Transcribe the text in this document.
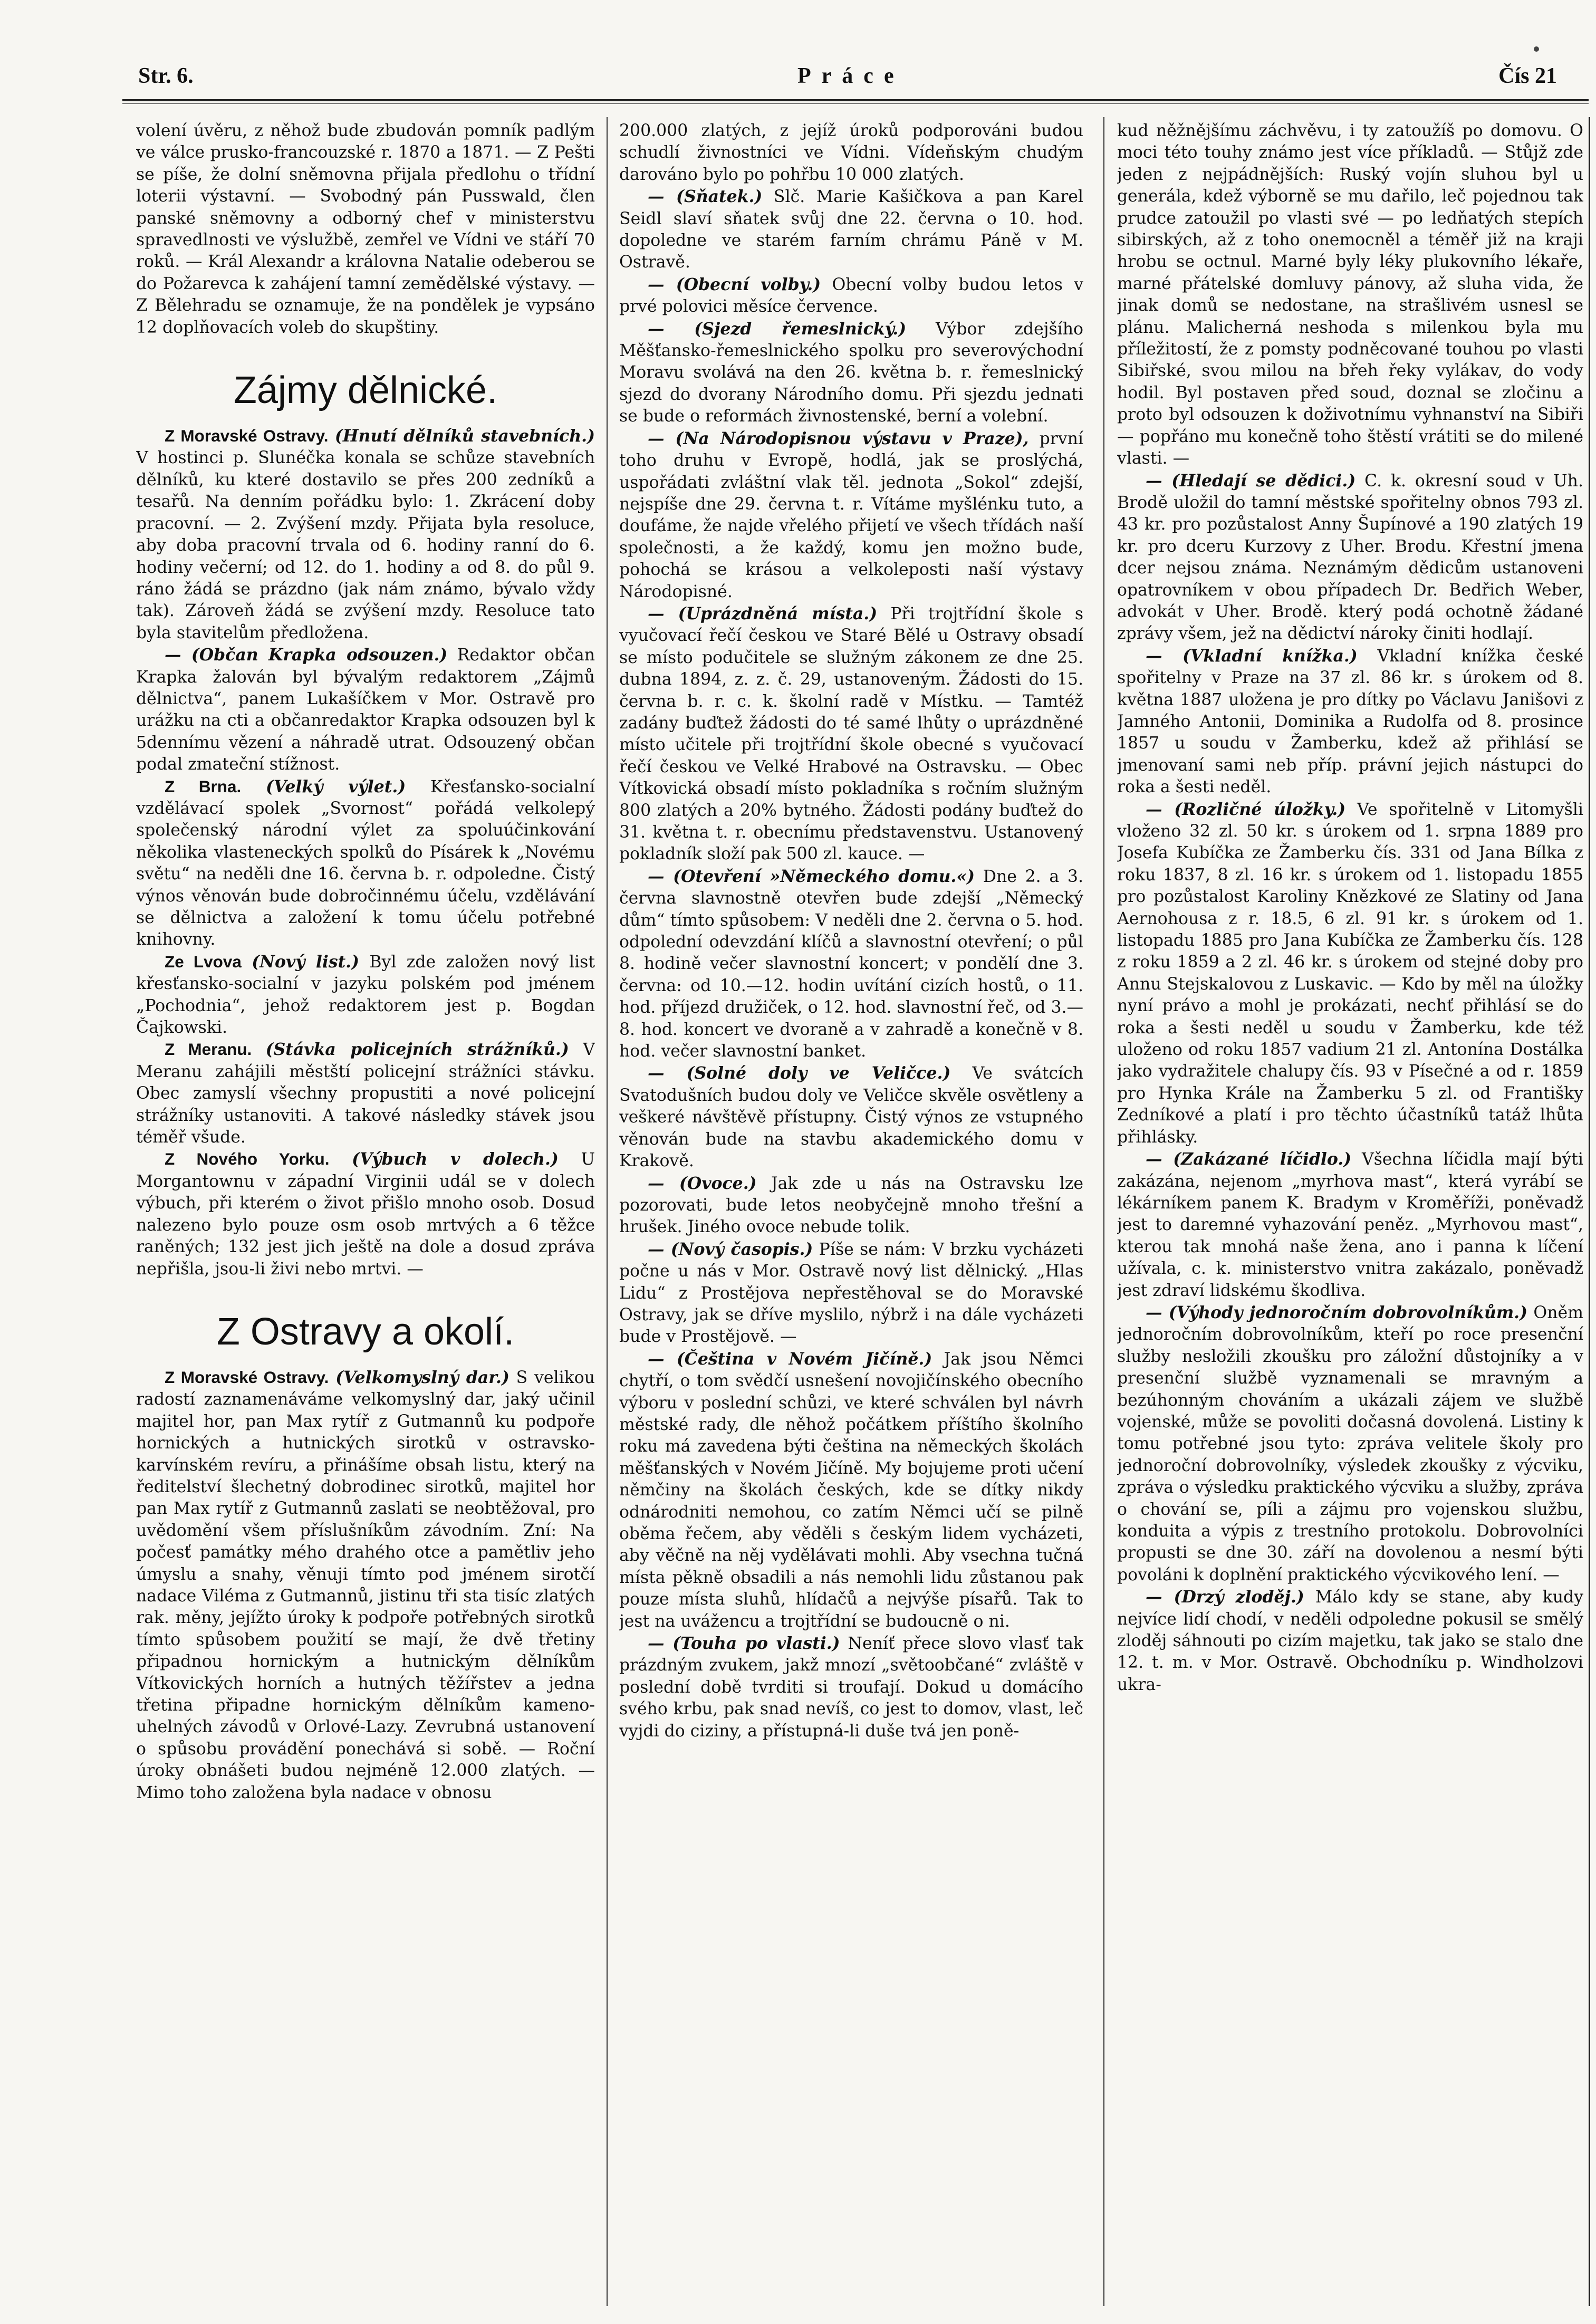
Str. 6.	Práce	Čís 21

volení úvěru, z něhož bude zbudován pomník padlým ve válce prusko-francouzské r. 1870 a 1871. — Z Pešti se píše, že dolní sněmovna přijala předlohu o třídní loterii výstavní. — Svobodný pán Pusswald, člen panské sněmovny a odborný chef v ministerstvu spravedlnosti ve výslužbě, zemřel ve Vídni ve stáří 70 roků. — Král Alexandr a královna Natalie odeberou se do Požarevca k zahájení tamní zemědělské výstavy. — Z Bělehradu se oznamuje, že na pondělek je vypsáno 12 doplňovacích voleb do skupštiny.

Zájmy dělnické.

Z Moravské Ostravy. (Hnutí dělníků stavebních.) V hostinci p. Slunéčka konala se schůze stavebních dělníků, ku které dostavilo se přes 200 zedníků a tesařů. Na denním pořádku bylo: 1. Zkrácení doby pracovní. — 2. Zvýšení mzdy. Přijata byla resoluce, aby doba pracovní trvala od 6. hodiny ranní do 6. hodiny večerní; od 12. do 1. hodiny a od 8. do půl 9. ráno žádá se prázdno (jak nám známo, bývalo vždy tak). Zároveň žádá se zvýšení mzdy. Resoluce tato byla stavitelům předložena.

— (Občan Krapka odsouzen.) Redaktor občan Krapka žalován byl bývalým redaktorem „Zájmů dělnictva“, panem Lukašíčkem v Mor. Ostravě pro urážku na cti a občanredaktor Krapka odsouzen byl k 5dennímu vězení a náhradě utrat. Odsouzený občan podal zmateční stížnost.

Z Brna. (Velký výlet.) Křesťansko-socialní vzdělávací spolek „Svornost“ pořádá velkolepý společenský národní výlet za spoluúčinkování několika vlasteneckých spolků do Písárek k „Novému světu“ na neděli dne 16. června b. r. odpoledne. Čistý výnos věnován bude dobročinnému účelu, vzdělávání se dělnictva a založení k tomu účelu potřebné knihovny.

Ze Lvova (Nový list.) Byl zde založen nový list křesťansko-socialní v jazyku polském pod jménem „Pochodnia“, jehož redaktorem jest p. Bogdan Čajkowski.

Z Meranu. (Stávka policejních strážníků.) V Meranu zahájili městští policejní strážníci stávku. Obec zamyslí všechny propustiti a nové policejní strážníky ustanoviti. A takové následky stávek jsou téměř všude.

Z Nového Yorku. (Výbuch v dolech.) U Morgantownu v západní Virginii udál se v dolech výbuch, při kterém o život přišlo mnoho osob. Dosud nalezeno bylo pouze osm osob mrtvých a 6 těžce raněných; 132 jest jich ještě na dole a dosud zpráva nepřišla, jsou-li živi nebo mrtvi. —

Z Ostravy a okolí.

Z Moravské Ostravy. (Velkomyslný dar.) S velikou radostí zaznamenáváme velkomyslný dar, jaký učinil majitel hor, pan Max rytíř z Gutmannů ku podpoře hornických a hutnických sirotků v ostravsko-karvínském revíru, a přinášíme obsah listu, který na ředitelství šlechetný dobrodinec sirotků, majitel hor pan Max rytíř z Gutmannů zaslati se neobtěžoval, pro uvědomění všem příslušníkům závodním. Zní: Na počesť památky mého drahého otce a pamětliv jeho úmyslu a snahy, věnuji tímto pod jménem sirotčí nadace Viléma z Gutmannů, jistinu tři sta tisíc zlatých rak. měny, jejížto úroky k podpoře potřebných sirotků tímto spůsobem použití se mají, že dvě třetiny připadnou hornickým a hutnickým dělníkům Vítkovických horních a hutných těžířstev a jedna třetina připadne hornickým dělníkům kameno-uhelných závodů v Orlové-Lazy. Zevrubná ustanovení o spůsobu provádění ponechává si sobě. — Roční úroky obnášeti budou nejméně 12.000 zlatých. — Mimo toho založena byla nadace v obnosu

200.000 zlatých, z jejíž úroků podporováni budou schudlí živnostníci ve Vídni. Vídeňským chudým darováno bylo po pohřbu 10 000 zlatých.

— (Sňatek.) Slč. Marie Kašičkova a pan Karel Seidl slaví sňatek svůj dne 22. června o 10. hod. dopoledne ve starém farním chrámu Páně v M. Ostravě.

— (Obecní volby.) Obecní volby budou letos v prvé polovici měsíce července.

— (Sjezd řemeslnický.) Výbor zdejšího Měšťansko-řemeslnického spolku pro severovýchodní Moravu svolává na den 26. května b. r. řemeslnický sjezd do dvorany Národního domu. Při sjezdu jednati se bude o reformách živnostenské, berní a volební.

— (Na Národopisnou výstavu v Praze), první toho druhu v Evropě, hodlá, jak se proslýchá, uspořádati zvláštní vlak těl. jednota „Sokol“ zdejší, nejspíše dne 29. června t. r. Vítáme myšlénku tuto, a doufáme, že najde vřelého přijetí ve všech třídách naší společnosti, a že každý, komu jen možno bude, pohochá se krásou a velkoleposti naší výstavy Národopisné.

— (Uprázdněná místa.) Při trojtřídní škole s vyučovací řečí českou ve Staré Bělé u Ostravy obsadí se místo podučitele se služným zákonem ze dne 25. dubna 1894, z. z. č. 29, ustanoveným. Žádosti do 15. června b. r. c. k. školní radě v Místku. — Tamtéž zadány buďtež žádosti do té samé lhůty o uprázdněné místo učitele při trojtřídní škole obecné s vyučovací řečí českou ve Velké Hrabové na Ostravsku. — Obec Vítkovická obsadí místo pokladníka s ročním služným 800 zlatých a 20% bytného. Žádosti podány buďtež do 31. května t. r. obecnímu představenstvu. Ustanovený pokladník složí pak 500 zl. kauce. —

— (Otevření »Německého domu.«) Dne 2. a 3. června slavnostně otevřen bude zdejší „Německý dům“ tímto spůsobem: V neděli dne 2. června o 5. hod. odpolední odevzdání klíčů a slavnostní otevření; o půl 8. hodině večer slavnostní koncert; v pondělí dne 3. června: od 10.—12. hodin uvítání cizích hostů, o 11. hod. příjezd družiček, o 12. hod. slavnostní řeč, od 3.—8. hod. koncert ve dvoraně a v zahradě a konečně v 8. hod. večer slavnostní banket.

— (Solné doly ve Veličce.) Ve svátcích Svatodušních budou doly ve Veličce skvěle osvětleny a veškeré návštěvě přístupny. Čistý výnos ze vstupného věnován bude na stavbu akademického domu v Krakově.

— (Ovoce.) Jak zde u nás na Ostravsku lze pozorovati, bude letos neobyčejně mnoho třešní a hrušek. Jiného ovoce nebude tolik.

— (Nový časopis.) Píše se nám: V brzku vycházeti počne u nás v Mor. Ostravě nový list dělnický. „Hlas Lidu“ z Prostějova nepřestěhoval se do Moravské Ostravy, jak se dříve myslilo, nýbrž i na dále vycházeti bude v Prostějově. —

— (Čeština v Novém Jičíně.) Jak jsou Němci chytří, o tom svědčí usnešení novojičínského obecního výboru v poslední schůzi, ve které schválen byl návrh městské rady, dle něhož počátkem příštího školního roku má zavedena býti čeština na německých školách měšťanských v Novém Jičíně. My bojujeme proti učení němčiny na školách českých, kde se dítky nikdy odnárodniti nemohou, co zatím Němci učí se pilně oběma řečem, aby věděli s českým lidem vycházeti, aby věčně na něj vydělávati mohli. Aby vsechna tučná místa pěkně obsadili a nás nemohli lidu zůstanou pak pouze místa sluhů, hlídačů a nejvýše písařů. Tak to jest na uvážencu a trojtřídní se budoucně o ni.

— (Touha po vlasti.) Neníť přece slovo vlasť tak prázdným zvukem, jakž mnozí „světoobčané“ zvláště v poslední době tvrditi si troufají. Dokud u domácího svého krbu, pak snad nevíš, co jest to domov, vlast, leč vyjdi do ciziny, a přístupná-li duše tvá jen poně-

kud něžnějšímu záchvěvu, i ty zatoužíš po domovu. O moci této touhy známo jest více příkladů. — Stůjž zde jeden z nejpádnějších: Ruský vojín sluhou byl u generála, kdež výborně se mu dařilo, leč pojednou tak prudce zatoužil po vlasti své — po ledňatých stepích sibirských, až z toho onemocněl a téměř již na kraji hrobu se octnul. Marné byly léky plukovního lékaře, marné přátelské domluvy pánovy, až sluha vida, že jinak domů se nedostane, na strašlivém usnesl se plánu. Malicherná neshoda s milenkou byla mu příležitostí, že z pomsty podněcované touhou po vlasti Sibiřské, svou milou na břeh řeky vylákav, do vody hodil. Byl postaven před soud, doznal se zločinu a proto byl odsouzen k doživotnímu vyhnanství na Sibiři — popřáno mu konečně toho štěstí vrátiti se do milené vlasti. —

— (Hledají se dědici.) C. k. okresní soud v Uh. Brodě uložil do tamní městské spořitelny obnos 793 zl. 43 kr. pro pozůstalost Anny Šupínové a 190 zlatých 19 kr. pro dceru Kurzovy z Uher. Brodu. Křestní jmena dcer nejsou známa. Neznámým dědicům ustanoveni opatrovníkem v obou případech Dr. Bedřich Weber, advokát v Uher. Brodě. který podá ochotně žádané zprávy všem, jež na dědictví nároky činiti hodlají.

— (Vkladní knížka.) Vkladní knížka české spořitelny v Praze na 37 zl. 86 kr. s úrokem od 8. května 1887 uložena je pro dítky po Václavu Janišovi z Jamného Antonii, Dominika a Rudolfa od 8. prosince 1857 u soudu v Žamberku, kdež až přihlásí se jmenovaní sami neb příp. právní jejich nástupci do roka a šesti neděl.

— (Rozličné úložky.) Ve spořitelně v Litomyšli vloženo 32 zl. 50 kr. s úrokem od 1. srpna 1889 pro Josefa Kubíčka ze Žamberku čís. 331 od Jana Bílka z roku 1837, 8 zl. 16 kr. s úrokem od 1. listopadu 1855 pro pozůstalost Karoliny Knězkové ze Slatiny od Jana Aernohousa z r. 18.5, 6 zl. 91 kr. s úrokem od 1. listopadu 1885 pro Jana Kubíčka ze Žamberku čís. 128 z roku 1859 a 2 zl. 46 kr. s úrokem od stejné doby pro Annu Stejskalovou z Luskavic. — Kdo by měl na úložky nyní právo a mohl je prokázati, nechť přihlásí se do roka a šesti neděl u soudu v Žamberku, kde též uloženo od roku 1857 vadium 21 zl. Antonína Dostálka jako vydražitele chalupy čís. 93 v Písečné a od r. 1859 pro Hynka Krále na Žamberku 5 zl. od Františky Zedníkové a platí i pro těchto účastníků tatáž lhůta přihlásky.

— (Zakázané líčidlo.) Všechna líčidla mají býti zakázána, nejenom „myrhova mast“, která vyrábí se lékárníkem panem K. Bradym v Kroměříži, poněvadž jest to daremné vyhazování peněz. „Myrhovou mast“, kterou tak mnohá naše žena, ano i panna k líčení užívala, c. k. ministerstvo vnitra zakázalo, poněvadž jest zdraví lidskému škodliva.

— (Výhody jednoročním dobrovolníkům.) Oněm jednoročním dobrovolníkům, kteří po roce presenční služby nesložili zkoušku pro záložní důstojníky a v presenční službě vyznamenali se mravným a bezúhonným chováním a ukázali zájem ve službě vojenské, může se povoliti dočasná dovolená. Listiny k tomu potřebné jsou tyto: zpráva velitele školy pro jednoroční dobrovolníky, výsledek zkoušky z výcviku, zpráva o výsledku praktického výcviku a služby, zpráva o chování se, píli a zájmu pro vojenskou službu, konduita a výpis z trestního protokolu. Dobrovolníci propusti se dne 30. září na dovolenou a nesmí býti povoláni k doplnění praktického výcvikového lení. —

— (Drzý zloděj.) Málo kdy se stane, aby kudy nejvíce lidí chodí, v neděli odpoledne pokusil se smělý zloděj sáhnouti po cizím majetku, tak jako se stalo dne 12. t. m. v Mor. Ostravě. Obchodníku p. Windholzovi ukra-
